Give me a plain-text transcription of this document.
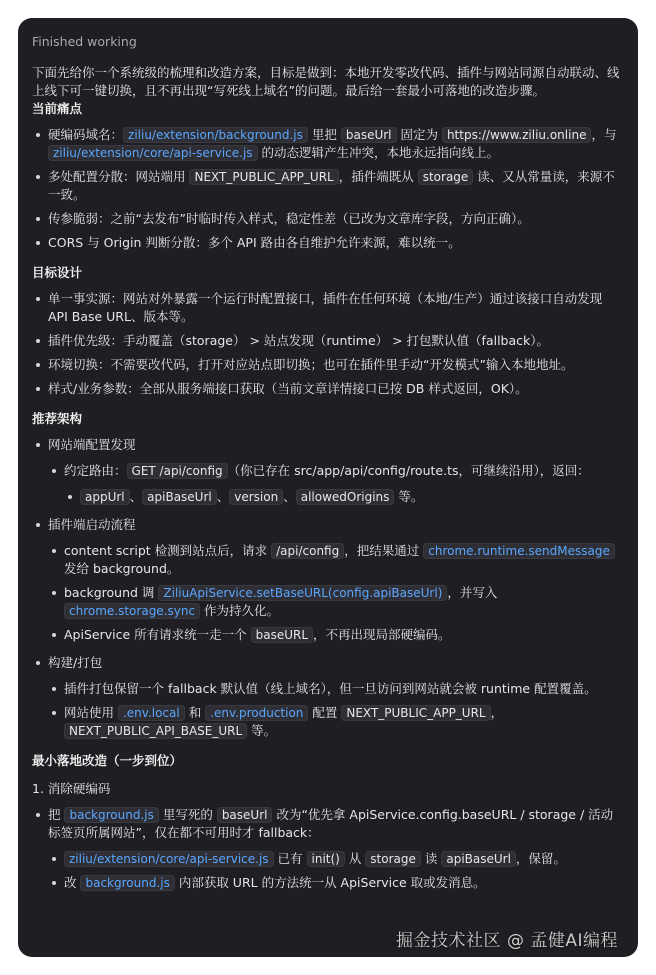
Finished working

下面先给你一个系统级的梳理和改造方案，目标是做到：本地开发零改代码、插件与网站同源自动联动、线上线下可一键切换，且不再出现“写死线上域名”的问题。最后给一套最小可落地的改造步骤。

当前痛点
硬编码域名： ziliu/extension/background.js 里把 baseUrl 固定为 https://www.ziliu.online ，与 ziliu/extension/core/api-service.js 的动态逻辑产生冲突，本地永远指向线上。
多处配置分散：网站端用 NEXT_PUBLIC_APP_URL ，插件端既从 storage 读、又从常量读，来源不一致。
传参脆弱：之前“去发布”时临时传入样式，稳定性差（已改为文章库字段，方向正确）。
CORS 与 Origin 判断分散：多个 API 路由各自维护允许来源，难以统一。
目标设计
单一事实源：网站对外暴露一个运行时配置接口，插件在任何环境（本地/生产）通过该接口自动发现 API Base URL、版本等。
插件优先级：手动覆盖（storage） > 站点发现（runtime） > 打包默认值（fallback）。
环境切换：不需要改代码，打开对应站点即切换；也可在插件里手动“开发模式”输入本地地址。
样式/业务参数：全部从服务端接口获取（当前文章详情接口已按 DB 样式返回，OK）。
推荐架构
网站端配置发现
约定路由： GET /api/config （你已存在 src/app/api/config/route.ts，可继续沿用），返回：
appUrl 、 apiBaseUrl 、 version 、 allowedOrigins 等。
插件端启动流程
content script 检测到站点后，请求 /api/config ，把结果通过 chrome.runtime.sendMessage 发给 background。
background 调 ZiliuApiService.setBaseURL(config.apiBaseUrl) ，并写入 chrome.storage.sync 作为持久化。
ApiService 所有请求统一走一个 baseURL ，不再出现局部硬编码。
构建/打包
插件打包保留一个 fallback 默认值（线上域名），但一旦访问到网站就会被 runtime 配置覆盖。
网站使用 .env.local 和 .env.production 配置 NEXT_PUBLIC_APP_URL ，NEXT_PUBLIC_API_BASE_URL 等。
最小落地改造（一步到位）
1. 消除硬编码
把 background.js 里写死的 baseUrl 改为“优先拿 ApiService.config.baseURL / storage / 活动标签页所属网站”，仅在都不可用时才 fallback：
ziliu/extension/core/api-service.js 已有 init() 从 storage 读 apiBaseUrl ，保留。
改 background.js 内部获取 URL 的方法统一从 ApiService 取或发消息。
掘金技术社区 @ 孟健AI编程
